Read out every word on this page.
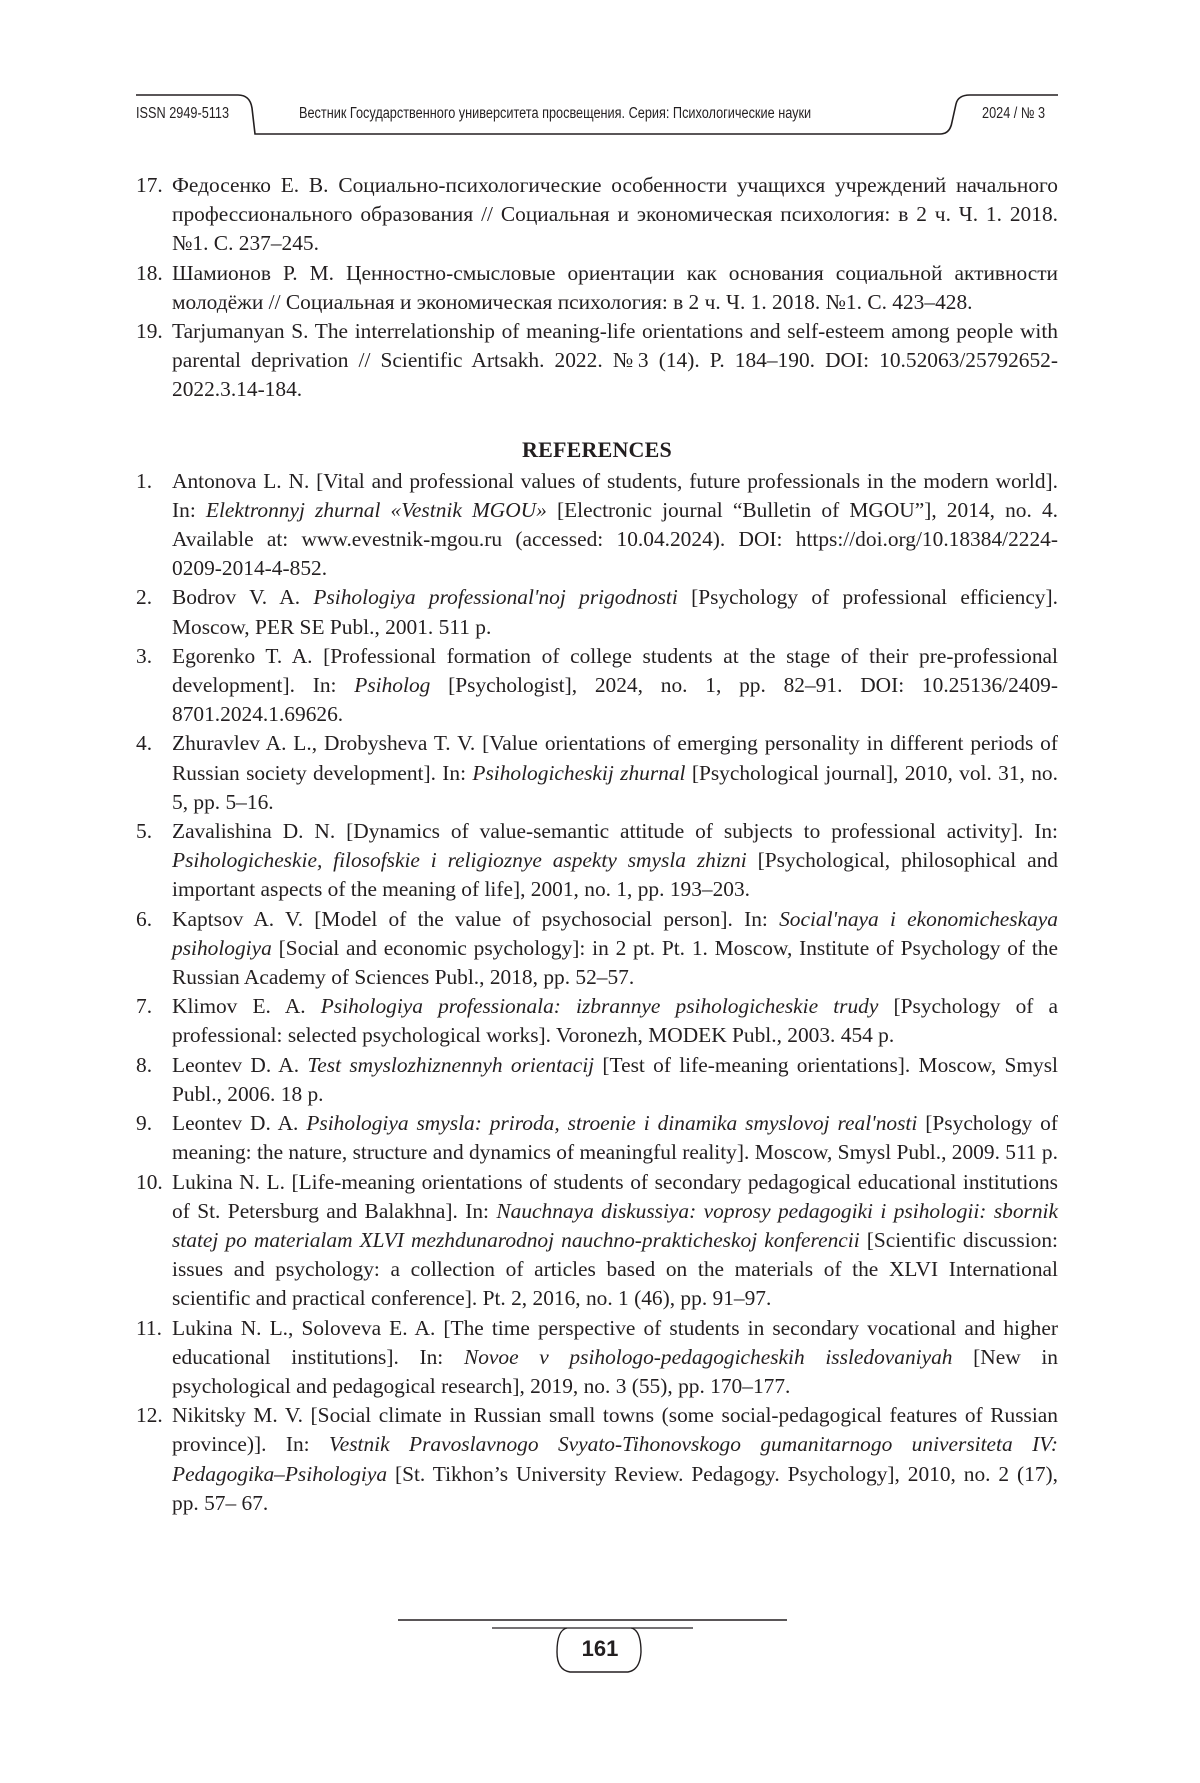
ISSN 2949-5113	Вестник Государственного университета просвещения. Серия: Психологические науки	2024 / № 3
17. Федосенко Е. В. Социально-психологические особенности учащихся учреждений начального профессионального образования // Социальная и экономическая психология: в 2 ч. Ч. 1. 2018. №1. С. 237–245.
18. Шамионов Р. М. Ценностно-смысловые ориентации как основания социальной активности молодёжи // Социальная и экономическая психология: в 2 ч. Ч. 1. 2018. №1. С. 423–428.
19. Tarjumanyan S. The interrelationship of meaning-life orientations and self-esteem among people with parental deprivation // Scientific Artsakh. 2022. №3 (14). P. 184–190. DOI: 10.52063/25792652-2022.3.14-184.
REFERENCES
1. Antonova L. N. [Vital and professional values of students, future professionals in the modern world]. In: Elektronnyj zhurnal «Vestnik MGOU» [Electronic journal “Bulletin of MGOU”], 2014, no. 4. Available at: www.evestnik-mgou.ru (accessed: 10.04.2024). DOI: https://doi.org/10.18384/2224-0209-2014-4-852.
2. Bodrov V. A. Psihologiya professional'noj prigodnosti [Psychology of professional efficiency]. Moscow, PER SE Publ., 2001. 511 p.
3. Egorenko T. A. [Professional formation of college students at the stage of their pre-professional development]. In: Psiholog [Psychologist], 2024, no. 1, pp. 82–91. DOI: 10.25136/2409-8701.2024.1.69626.
4. Zhuravlev A. L., Drobysheva T. V. [Value orientations of emerging personality in different periods of Russian society development]. In: Psihologicheskij zhurnal [Psychological journal], 2010, vol. 31, no. 5, pp. 5–16.
5. Zavalishina D. N. [Dynamics of value-semantic attitude of subjects to professional activity]. In: Psihologicheskie, filosofskie i religioznye aspekty smysla zhizni [Psychological, philosophical and important aspects of the meaning of life], 2001, no. 1, pp. 193–203.
6. Kaptsov A. V. [Model of the value of psychosocial person]. In: Social'naya i ekonomicheskaya psihologiya [Social and economic psychology]: in 2 pt. Pt. 1. Moscow, Institute of Psychology of the Russian Academy of Sciences Publ., 2018, pp. 52–57.
7. Klimov E. A. Psihologiya professionala: izbrannye psihologicheskie trudy [Psychology of a professional: selected psychological works]. Voronezh, MODEK Publ., 2003. 454 p.
8. Leontev D. A. Test smyslozhiznennyh orientacij [Test of life-meaning orientations]. Moscow, Smysl Publ., 2006. 18 p.
9. Leontev D. A. Psihologiya smysla: priroda, stroenie i dinamika smyslovoj real'nosti [Psychology of meaning: the nature, structure and dynamics of meaningful reality]. Moscow, Smysl Publ., 2009. 511 p.
10. Lukina N. L. [Life-meaning orientations of students of secondary pedagogical educational institutions of St. Petersburg and Balakhna]. In: Nauchnaya diskussiya: voprosy pedagogiki i psihologii: sbornik statej po materialam XLVI mezhdunarodnoj nauchno-prakticheskoj konferencii [Scientific discussion: issues and psychology: a collection of articles based on the materials of the XLVI International scientific and practical conference]. Pt. 2, 2016, no. 1 (46), pp. 91–97.
11. Lukina N. L., Soloveva E. A. [The time perspective of students in secondary vocational and higher educational institutions]. In: Novoe v psihologo-pedagogicheskih issledovaniyah [New in psychological and pedagogical research], 2019, no. 3 (55), pp. 170–177.
12. Nikitsky M. V. [Social climate in Russian small towns (some social-pedagogical features of Russian province)]. In: Vestnik Pravoslavnogo Svyato-Tihonovskogo gumanitarnogo universiteta IV: Pedagogika–Psihologiya [St. Tikhon’s University Review. Pedagogy. Psychology], 2010, no. 2 (17), pp. 57– 67.
161
